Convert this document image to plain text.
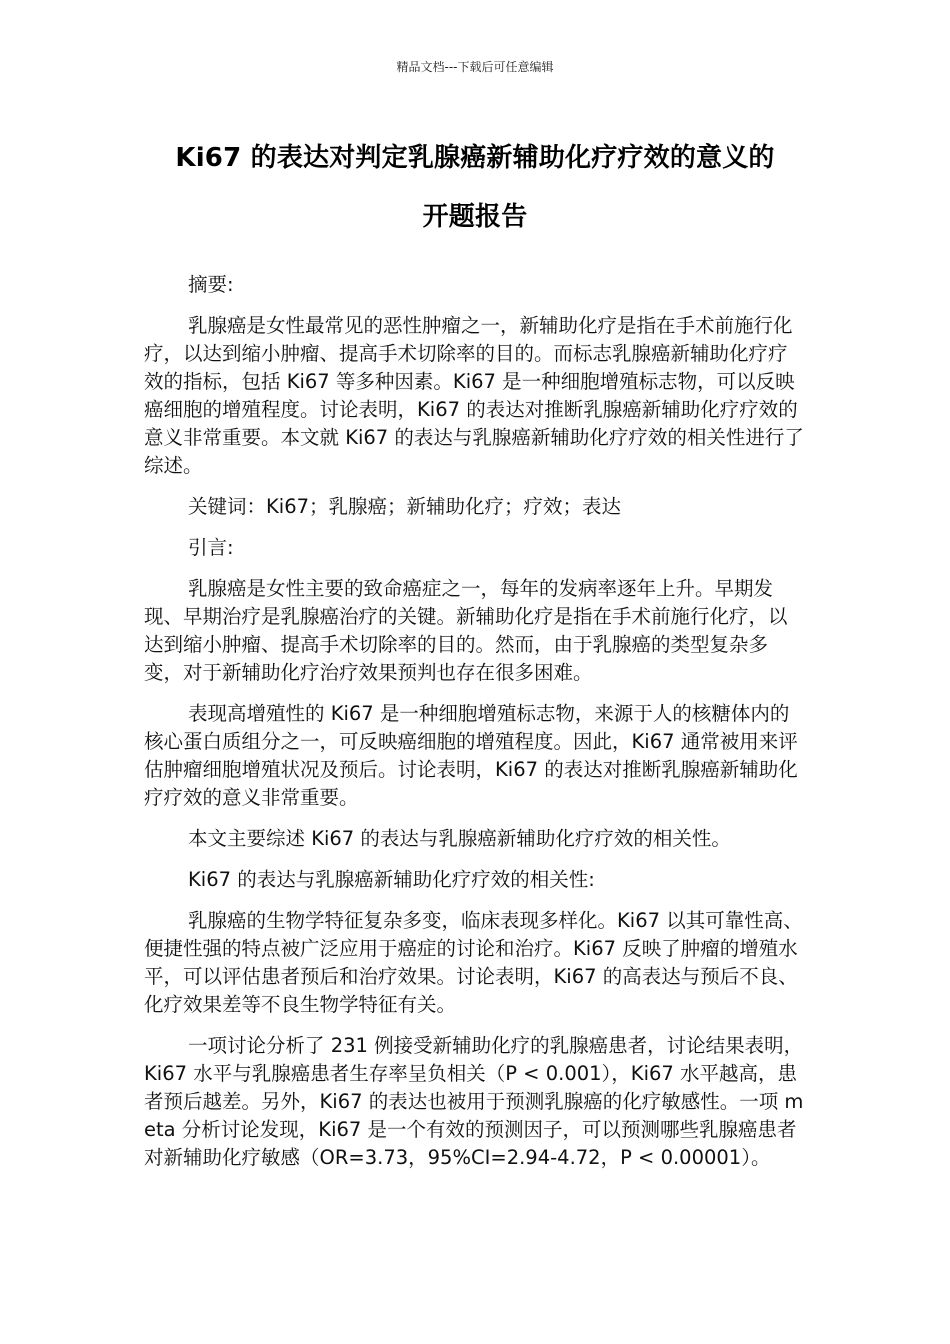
精品文档---下载后可任意编辑
Ki67 的表达对判定乳腺癌新辅助化疗疗效的意义的
开题报告

摘要:

乳腺癌是女性最常见的恶性肿瘤之一，新辅助化疗是指在手术前施行化疗，以达到缩小肿瘤、提高手术切除率的目的。而标志乳腺癌新辅助化疗疗效的指标，包括 Ki67 等多种因素。Ki67 是一种细胞增殖标志物，可以反映癌细胞的增殖程度。讨论表明，Ki67 的表达对推断乳腺癌新辅助化疗疗效的意义非常重要。本文就 Ki67 的表达与乳腺癌新辅助化疗疗效的相关性进行了综述。

关键词：Ki67；乳腺癌；新辅助化疗；疗效；表达

引言:

乳腺癌是女性主要的致命癌症之一，每年的发病率逐年上升。早期发现、早期治疗是乳腺癌治疗的关键。新辅助化疗是指在手术前施行化疗，以达到缩小肿瘤、提高手术切除率的目的。然而，由于乳腺癌的类型复杂多变，对于新辅助化疗治疗效果预判也存在很多困难。

表现高增殖性的 Ki67 是一种细胞增殖标志物，来源于人的核糖体内的核心蛋白质组分之一，可反映癌细胞的增殖程度。因此，Ki67 通常被用来评估肿瘤细胞增殖状况及预后。讨论表明，Ki67 的表达对推断乳腺癌新辅助化疗疗效的意义非常重要。

本文主要综述 Ki67 的表达与乳腺癌新辅助化疗疗效的相关性。

Ki67 的表达与乳腺癌新辅助化疗疗效的相关性:

乳腺癌的生物学特征复杂多变，临床表现多样化。Ki67 以其可靠性高、便捷性强的特点被广泛应用于癌症的讨论和治疗。Ki67 反映了肿瘤的增殖水平，可以评估患者预后和治疗效果。讨论表明，Ki67 的高表达与预后不良、化疗效果差等不良生物学特征有关。

一项讨论分析了 231 例接受新辅助化疗的乳腺癌患者，讨论结果表明，Ki67 水平与乳腺癌患者生存率呈负相关（P < 0.001），Ki67 水平越高，患者预后越差。另外，Ki67 的表达也被用于预测乳腺癌的化疗敏感性。一项 meta 分析讨论发现，Ki67 是一个有效的预测因子，可以预测哪些乳腺癌患者对新辅助化疗敏感（OR=3.73，95%CI=2.94-4.72，P < 0.00001）。
